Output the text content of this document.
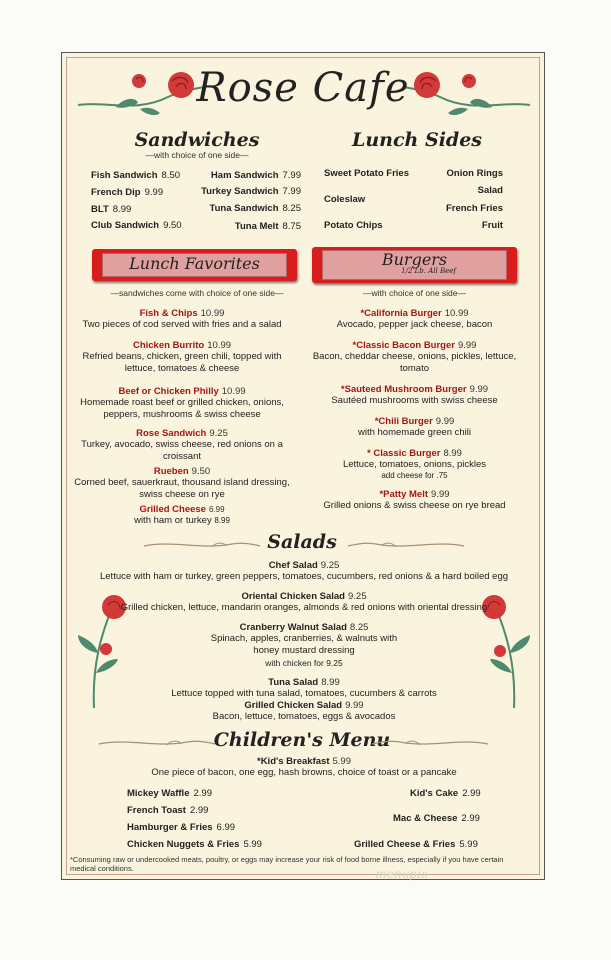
Rose Cafe
Sandwiches
—with choice of one side—
Fish Sandwich 8.50
French Dip 9.99
BLT 8.99
Club Sandwich 9.50
Ham Sandwich 7.99
Turkey Sandwich 7.99
Tuna Sandwich 8.25
Tuna Melt 8.75
Lunch Sides
Sweet Potato Fries
Coleslaw
Potato Chips
Onion Rings
Salad
French Fries
Fruit
Lunch Favorites
—sandwiches come with choice of one side—
Burgers
1/2 Lb. All Beef
—with choice of one side—
Fish & Chips 10.99
Two pieces of cod served with fries and a salad
Chicken Burrito 10.99
Refried beans, chicken, green chili, topped with lettuce, tomatoes & cheese
Beef or Chicken Philly 10.99
Homemade roast beef or grilled chicken, onions, peppers, mushrooms & swiss cheese
Rose Sandwich 9.25
Turkey, avocado, swiss cheese, red onions on a croissant
Rueben 9.50
Corned beef, sauerkraut, thousand island dressing, swiss cheese on rye
Grilled Cheese 6.99
with ham or turkey 8.99
*California Burger 10.99
Avocado, pepper jack cheese, bacon
*Classic Bacon Burger 9.99
Bacon, cheddar cheese, onions, pickles, lettuce, tomato
*Sauteed Mushroom Burger 9.99
Sautéed mushrooms with swiss cheese
*Chili Burger 9.99
with homemade green chili
* Classic Burger 8.99
Lettuce, tomatoes, onions, pickles
add cheese for .75
*Patty Melt 9.99
Grilled onions & swiss cheese on rye bread
Salads
Chef Salad 9.25
Lettuce with ham or turkey, green peppers, tomatoes, cucumbers, red onions & a hard boiled egg
Oriental Chicken Salad 9.25
Grilled chicken, lettuce, mandarin oranges, almonds & red onions with oriental dressing
Cranberry Walnut Salad 8.25
Spinach, apples, cranberries, & walnuts with honey mustard dressing
with chicken for 9.25
Tuna Salad 8.99
Lettuce topped with tuna salad, tomatoes, cucumbers & carrots
Grilled Chicken Salad 9.99
Bacon, lettuce, tomatoes, eggs & avocados
Children's Menu
*Kid's Breakfast 5.99
One piece of bacon, one egg, hash browns, choice of toast or a pancake
Mickey Waffle 2.99
French Toast 2.99
Hamburger & Fries 6.99
Chicken Nuggets & Fries 5.99
Kid's Cake 2.99
Mac & Cheese 2.99
Grilled Cheese & Fries 5.99
*Consuming raw or undercooked meats, poultry, or eggs may increase your risk of food borne illness, especially if you have certain medical conditions.	menupix
